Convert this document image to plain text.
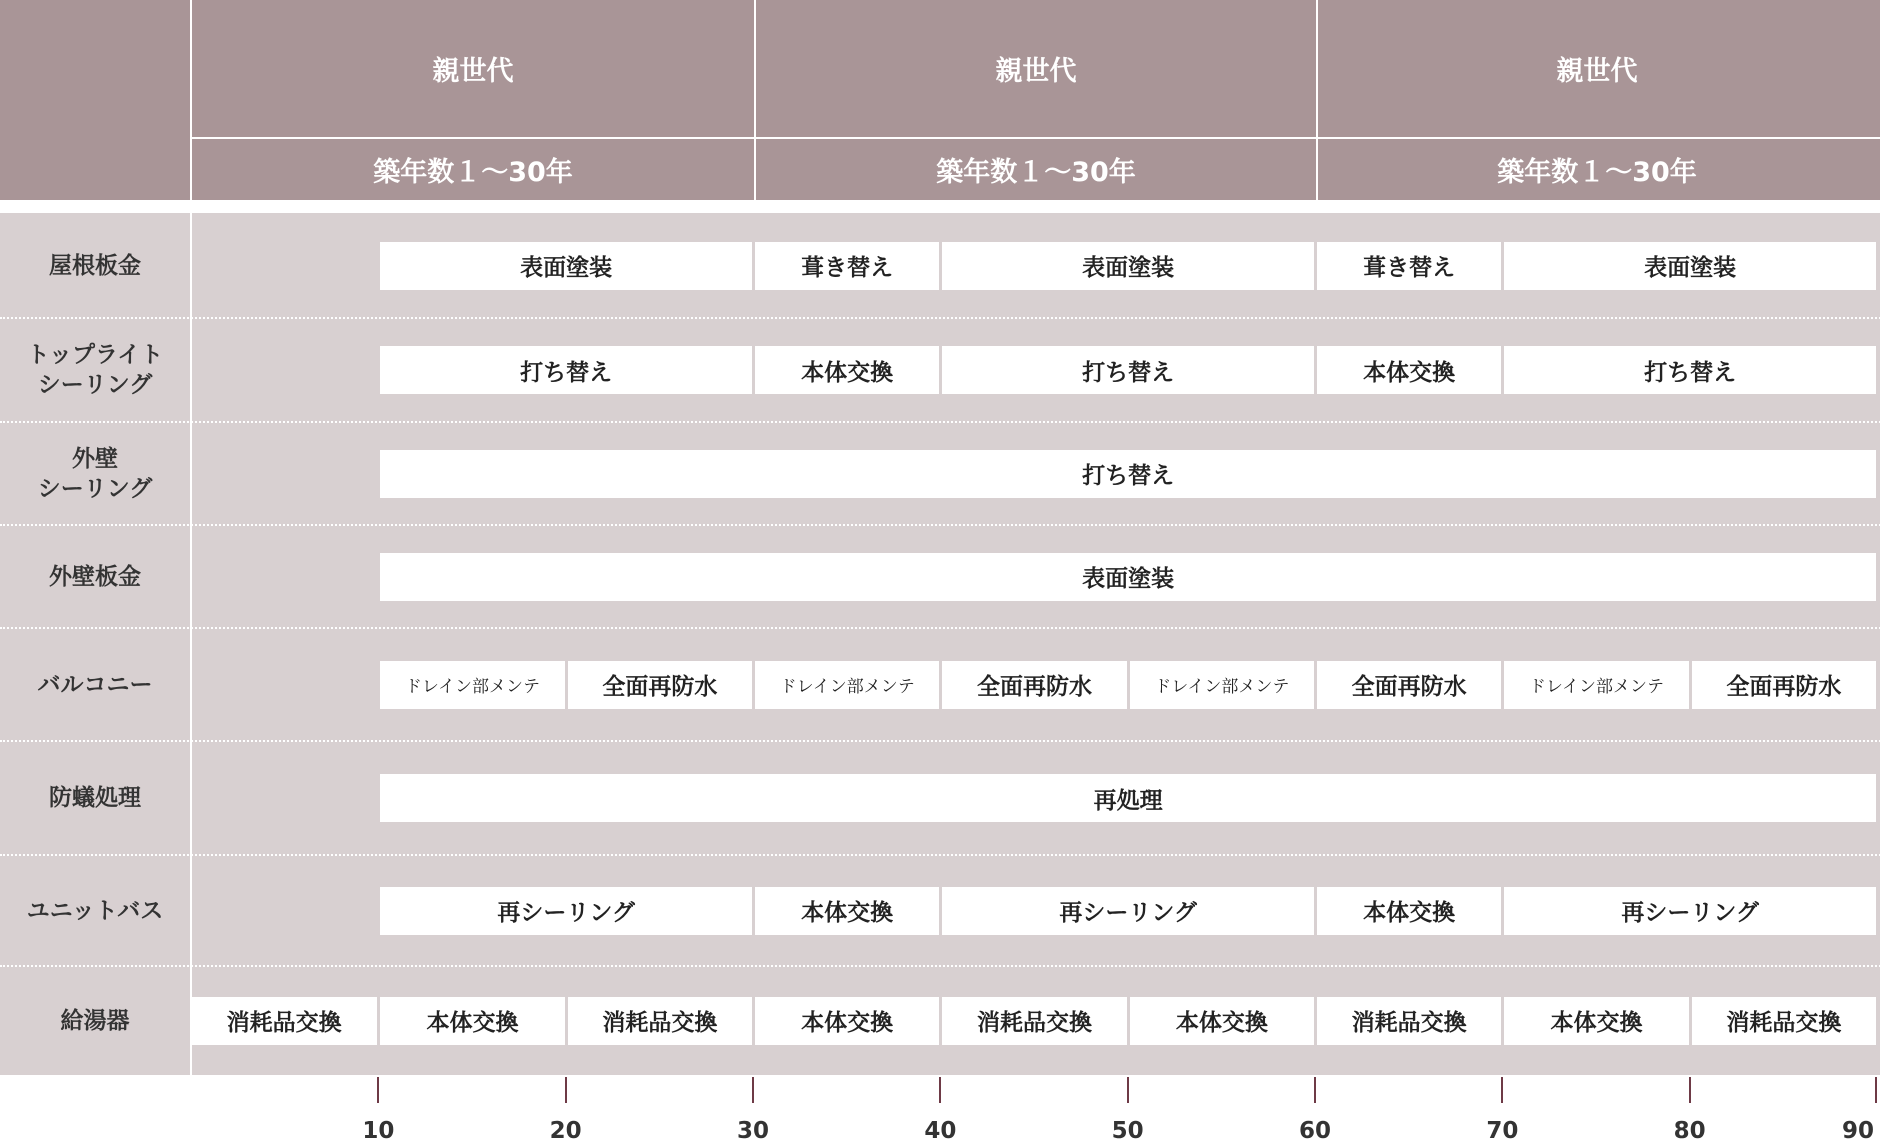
親世代
築年数１〜30年
親世代
築年数１〜30年
親世代
築年数１〜30年
屋根板金	表面塗装	葺き替え	表面塗装	葺き替え	表面塗装
トップライト
シーリング	打ち替え	本体交換	打ち替え	本体交換	打ち替え
外壁
シーリング	打ち替え
外壁板金	表面塗装
バルコニー	ドレイン部メンテ	全面再防水	ドレイン部メンテ	全面再防水	ドレイン部メンテ	全面再防水	ドレイン部メンテ	全面再防水
防蟻処理	再処理
ユニットバス	再シーリング	本体交換	再シーリング	本体交換	再シーリング
給湯器	消耗品交換	本体交換	消耗品交換	本体交換	消耗品交換	本体交換	消耗品交換	本体交換	消耗品交換
10	20	30	40	50	60	70	80	90
